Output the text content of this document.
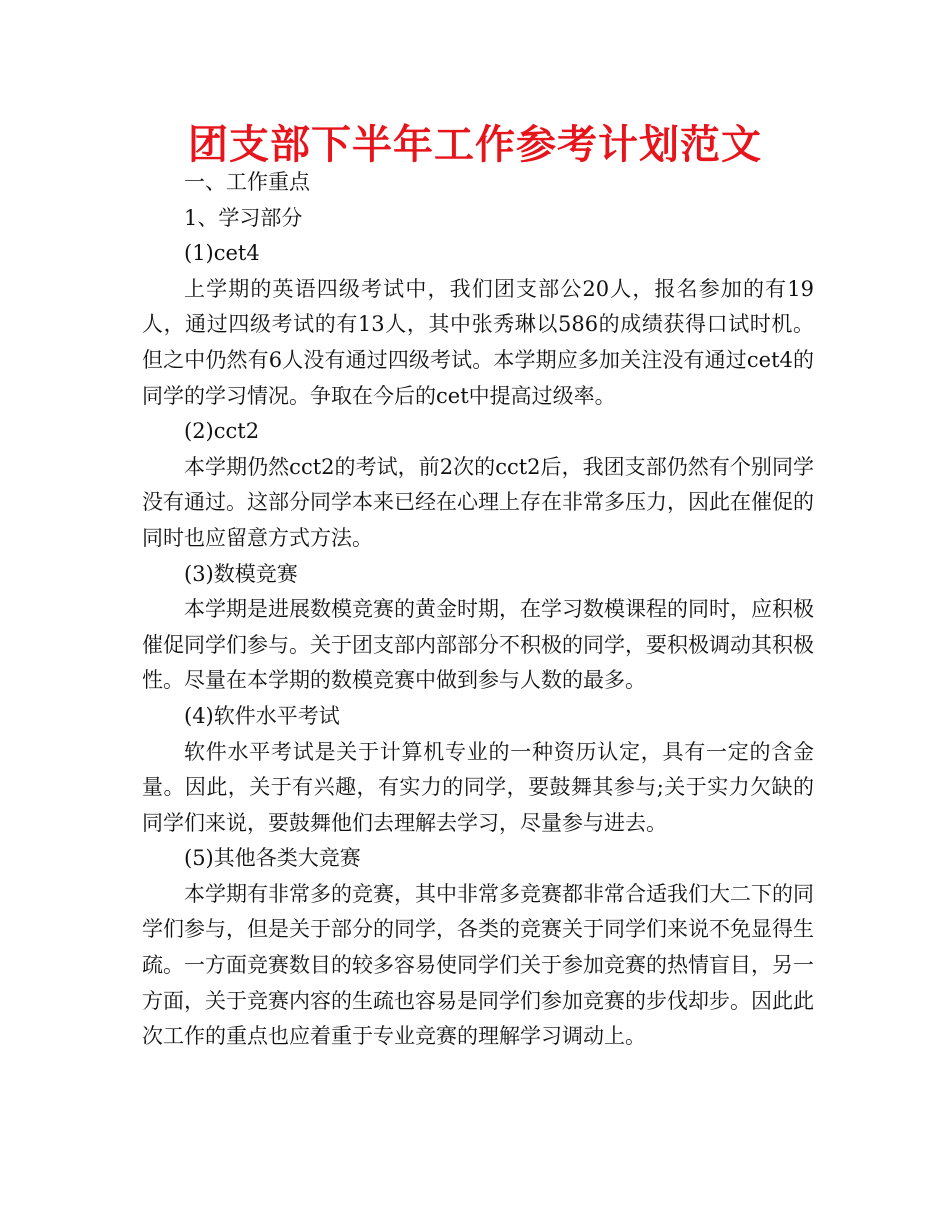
团支部下半年工作参考计划范文

一、工作重点

1、学习部分

(1)cet4

上学期的英语四级考试中，我们团支部公20人，报名参加的有19人，通过四级考试的有13人，其中张秀琳以586的成绩获得口试时机。但之中仍然有6人没有通过四级考试。本学期应多加关注没有通过cet4的同学的学习情况。争取在今后的cet中提高过级率。

(2)cct2

本学期仍然cct2的考试，前2次的cct2后，我团支部仍然有个别同学没有通过。这部分同学本来已经在心理上存在非常多压力，因此在催促的同时也应留意方式方法。

(3)数模竞赛

本学期是进展数模竞赛的黄金时期，在学习数模课程的同时，应积极催促同学们参与。关于团支部内部部分不积极的同学，要积极调动其积极性。尽量在本学期的数模竞赛中做到参与人数的最多。

(4)软件水平考试

软件水平考试是关于计算机专业的一种资历认定，具有一定的含金量。因此，关于有兴趣，有实力的同学，要鼓舞其参与;关于实力欠缺的同学们来说，要鼓舞他们去理解去学习，尽量参与进去。

(5)其他各类大竞赛

本学期有非常多的竞赛，其中非常多竞赛都非常合适我们大二下的同学们参与，但是关于部分的同学，各类的竞赛关于同学们来说不免显得生疏。一方面竞赛数目的较多容易使同学们关于参加竞赛的热情盲目，另一方面，关于竞赛内容的生疏也容易是同学们参加竞赛的步伐却步。因此此次工作的重点也应着重于专业竞赛的理解学习调动上。
